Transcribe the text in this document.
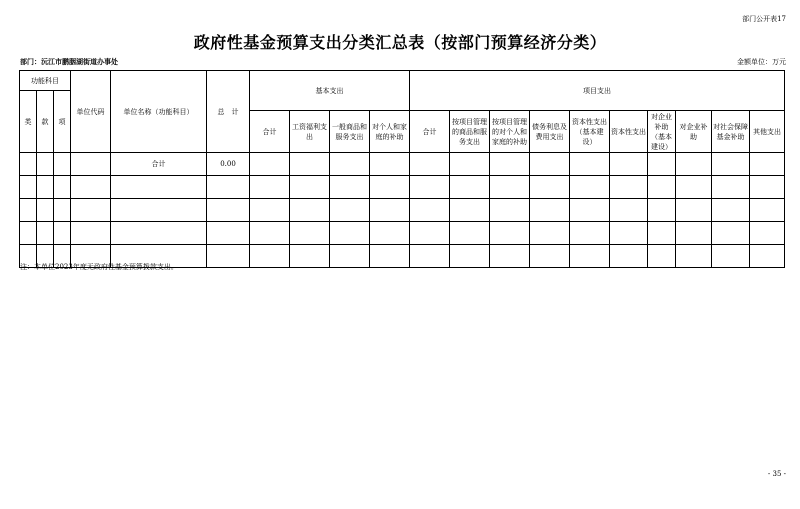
部门公开表17
政府性基金预算支出分类汇总表（按部门预算经济分类）
部门：沅江市鹏胭湖街道办事处	金额单位：万元
功能科目			单位代码	单位名称（功能科目）	总　计	基本支出				项目支出									
类	款	项																	
						合计	工资福利支出	一般商品和服务支出	对个人和家庭的补助	合计	按项目管理的商品和服务支出	按项目管理的对个人和家庭的补助	债务利息及费用支出	资本性支出（基本建设）	资本性支出	对企业补助（基本建设）	对企业补助	对社会保障基金补助	其他支出
				合计	0.00														

注：本单位2023年度无政府性基金预算拨款支出。
- 35 -
